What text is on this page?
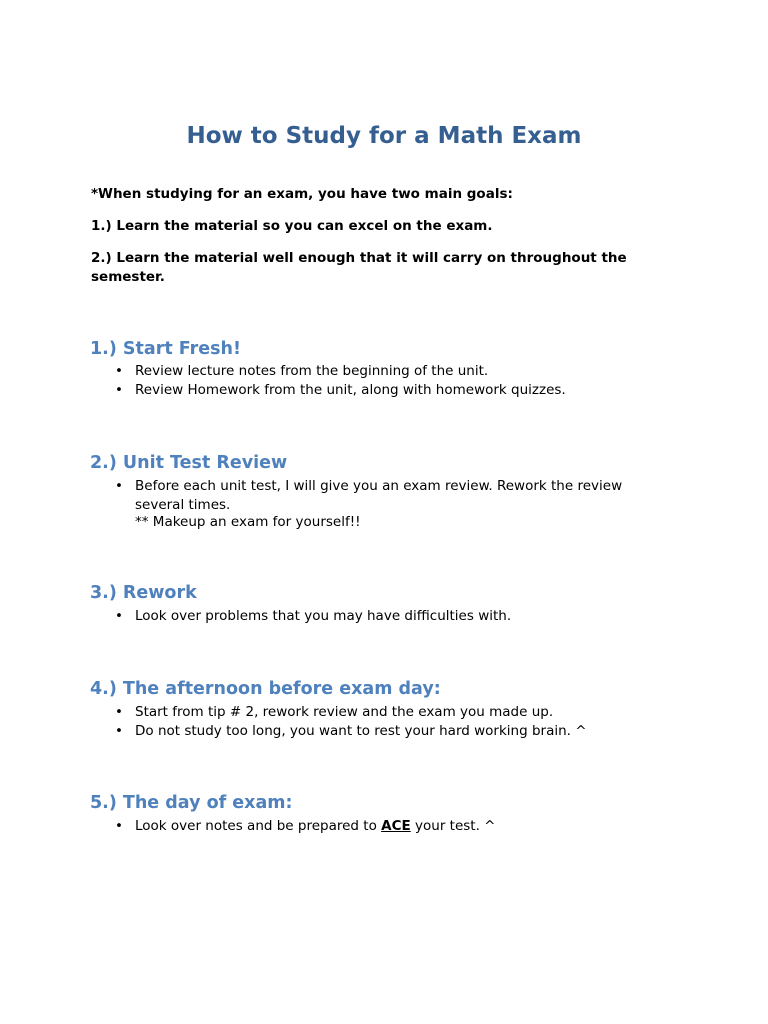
How to Study for a Math Exam

*When studying for an exam, you have two main goals:

1.) Learn the material so you can excel on the exam.

2.) Learn the material well enough that it will carry on throughout the semester.

1.) Start Fresh!
• Review lecture notes from the beginning of the unit.
• Review Homework from the unit, along with homework quizzes.
2.) Unit Test Review
• Before each unit test, I will give you an exam review. Rework the review several times.
** Makeup an exam for yourself!!
3.) Rework
• Look over problems that you may have difficulties with.
4.) The afternoon before exam day:
• Start from tip # 2, rework review and the exam you made up.
• Do not study too long, you want to rest your hard working brain. ^
5.) The day of exam:
• Look over notes and be prepared to ACE your test. ^
